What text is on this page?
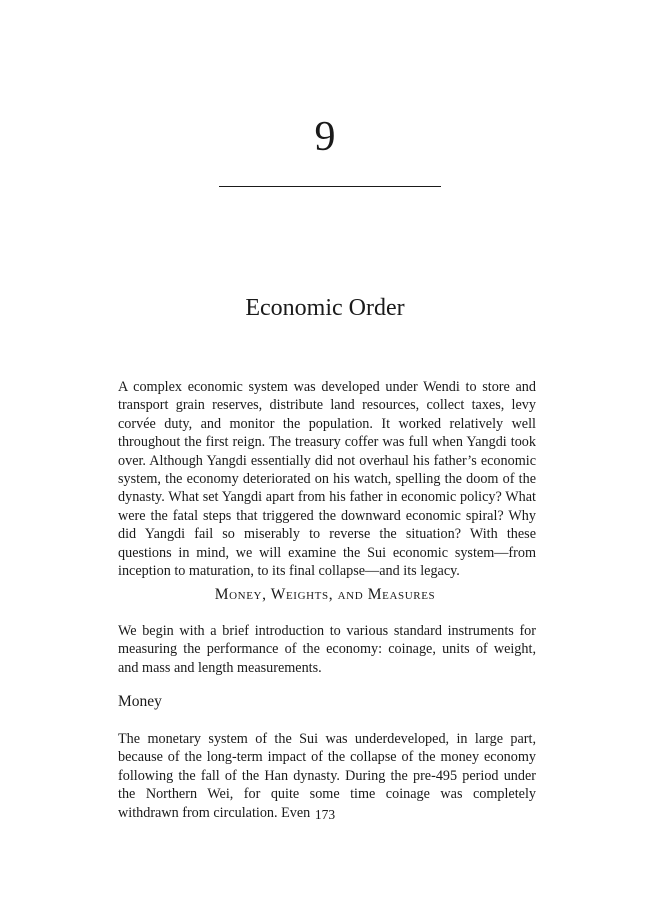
9
Economic Order

A complex economic system was developed under Wendi to store and transport grain reserves, distribute land resources, collect taxes, levy corvée duty, and monitor the population. It worked relatively well throughout the first reign. The treasury coffer was full when Yangdi took over. Although Yangdi essentially did not overhaul his father’s economic system, the economy deteriorated on his watch, spelling the doom of the dynasty. What set Yangdi apart from his father in economic policy? What were the fatal steps that triggered the downward economic spiral? Why did Yangdi fail so miserably to reverse the situation? With these questions in mind, we will examine the Sui economic system—from inception to maturation, to its final collapse—and its legacy.

Money, Weights, and Measures

We begin with a brief introduction to various standard instruments for measuring the performance of the economy: coinage, units of weight, and mass and length measurements.

Money

The monetary system of the Sui was underdeveloped, in large part, because of the long-term impact of the collapse of the money economy following the fall of the Han dynasty. During the pre-495 period under the Northern Wei, for quite some time coinage was completely withdrawn from circulation. Even 173
